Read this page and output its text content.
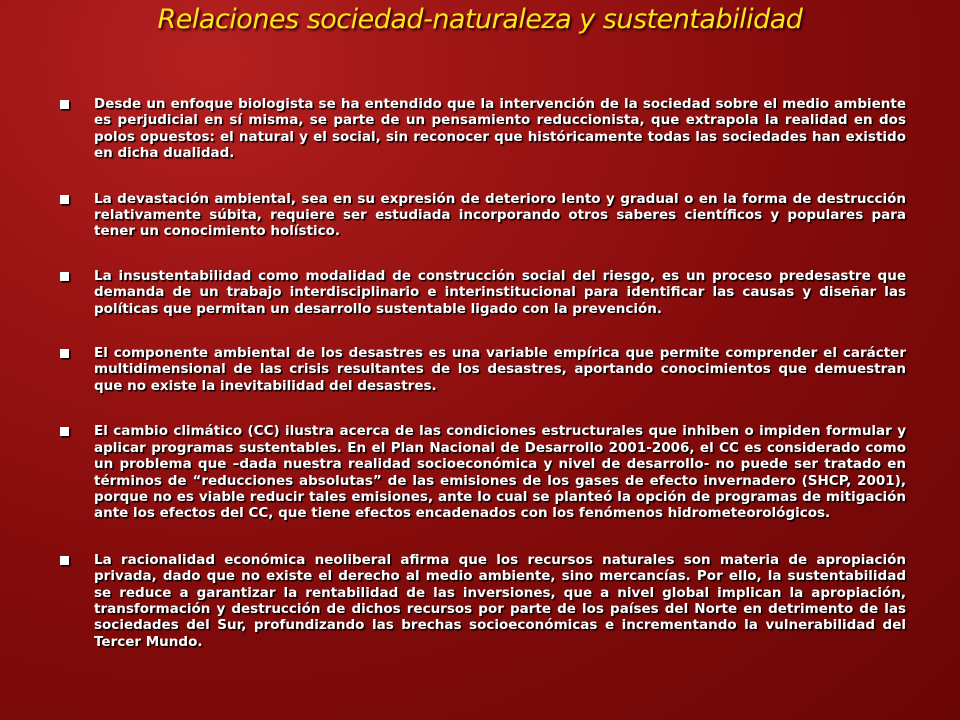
Relaciones sociedad-naturaleza y sustentabilidad
Desde un enfoque biologista se ha entendido que la intervención de la sociedad sobre el medio ambiente es perjudicial en sí misma, se parte de un pensamiento reduccionista, que extrapola la realidad en dos polos opuestos: el natural y el social, sin reconocer que históricamente todas las sociedades han existido en dicha dualidad.
La devastación ambiental, sea en su expresión de deterioro lento y gradual o en la forma de destrucción relativamente súbita, requiere ser estudiada incorporando otros saberes científicos y populares para tener un conocimiento holístico.
La insustentabilidad como modalidad de construcción social del riesgo, es un proceso predesastre que demanda de un trabajo interdisciplinario e interinstitucional para identificar las causas y diseñar las políticas que permitan un desarrollo sustentable ligado con la prevención.
El componente ambiental de los desastres es una variable empírica que permite comprender el carácter multidimensional de las crisis resultantes de los desastres, aportando conocimientos que demuestran que no existe la inevitabilidad del desastres.
El cambio climático (CC) ilustra acerca de las condiciones estructurales que inhiben o impiden formular y aplicar programas sustentables. En el Plan Nacional de Desarrollo 2001-2006, el CC es considerado como un problema que –dada nuestra realidad socioeconómica y nivel de desarrollo- no puede ser tratado en términos de “reducciones absolutas” de las emisiones de los gases de efecto invernadero (SHCP, 2001), porque no es viable reducir tales emisiones, ante lo cual se planteó la opción de programas de mitigación ante los efectos del CC, que tiene efectos encadenados con los fenómenos hidrometeorológicos.
La racionalidad económica neoliberal afirma que los recursos naturales son materia de apropiación privada, dado que no existe el derecho al medio ambiente, sino mercancías. Por ello, la sustentabilidad se reduce a garantizar la rentabilidad de las inversiones, que a nivel global implican la apropiación, transformación y destrucción de dichos recursos por parte de los países del Norte en detrimento de las sociedades del Sur, profundizando las brechas socioeconómicas e incrementando la vulnerabilidad del Tercer Mundo.
